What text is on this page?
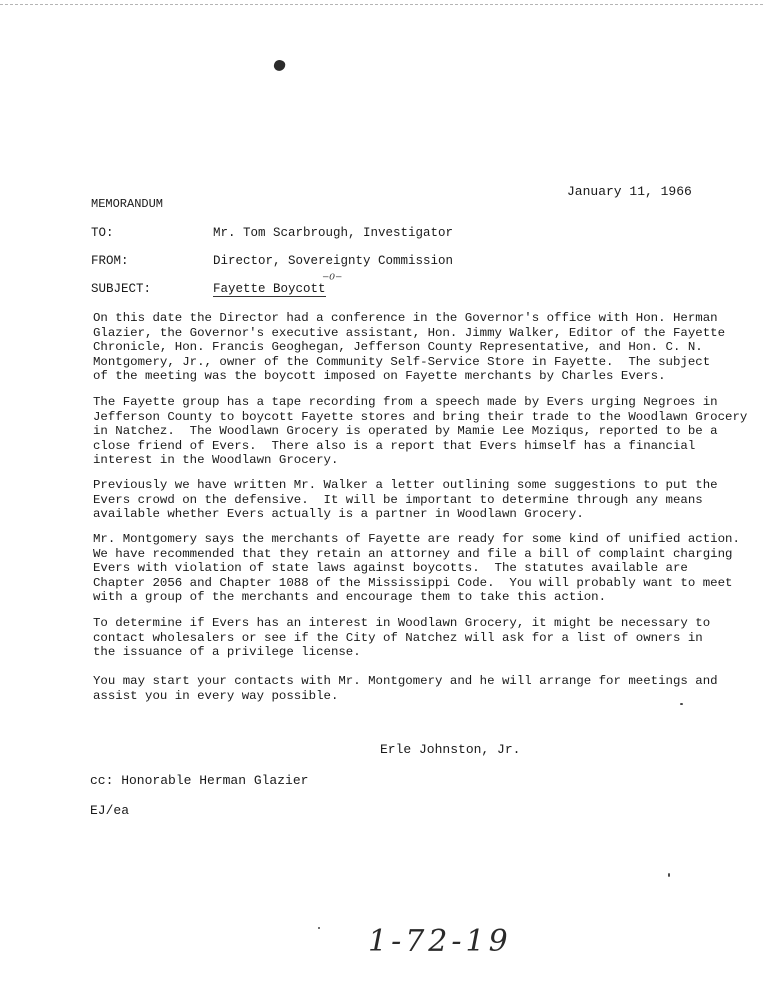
January 11, 1966
MEMORANDUM
TO:	Mr. Tom Scarbrough, Investigator
FROM:	Director, Sovereignty Commission
SUBJECT:	Fayette Boycott
⁻⁰⁻

On this date the Director had a conference in the Governor's office with Hon. Herman
Glazier, the Governor's executive assistant, Hon. Jimmy Walker, Editor of the Fayette
Chronicle, Hon. Francis Geoghegan, Jefferson County Representative, and Hon. C. N.
Montgomery, Jr., owner of the Community Self-Service Store in Fayette.  The subject
of the meeting was the boycott imposed on Fayette merchants by Charles Evers.

The Fayette group has a tape recording from a speech made by Evers urging Negroes in
Jefferson County to boycott Fayette stores and bring their trade to the Woodlawn Grocery
in Natchez.  The Woodlawn Grocery is operated by Mamie Lee Moziqus, reported to be a
close friend of Evers.  There also is a report that Evers himself has a financial
interest in the Woodlawn Grocery.

Previously we have written Mr. Walker a letter outlining some suggestions to put the
Evers crowd on the defensive.  It will be important to determine through any means
available whether Evers actually is a partner in Woodlawn Grocery.

Mr. Montgomery says the merchants of Fayette are ready for some kind of unified action.
We have recommended that they retain an attorney and file a bill of complaint charging
Evers with violation of state laws against boycotts.  The statutes available are
Chapter 2056 and Chapter 1088 of the Mississippi Code.  You will probably want to meet
with a group of the merchants and encourage them to take this action.

To determine if Evers has an interest in Woodlawn Grocery, it might be necessary to
contact wholesalers or see if the City of Natchez will ask for a list of owners in
the issuance of a privilege license.

You may start your contacts with Mr. Montgomery and he will arrange for meetings and
assist you in every way possible.

Erle Johnston, Jr.
cc: Honorable Herman Glazier
EJ/ea
1-72-19
